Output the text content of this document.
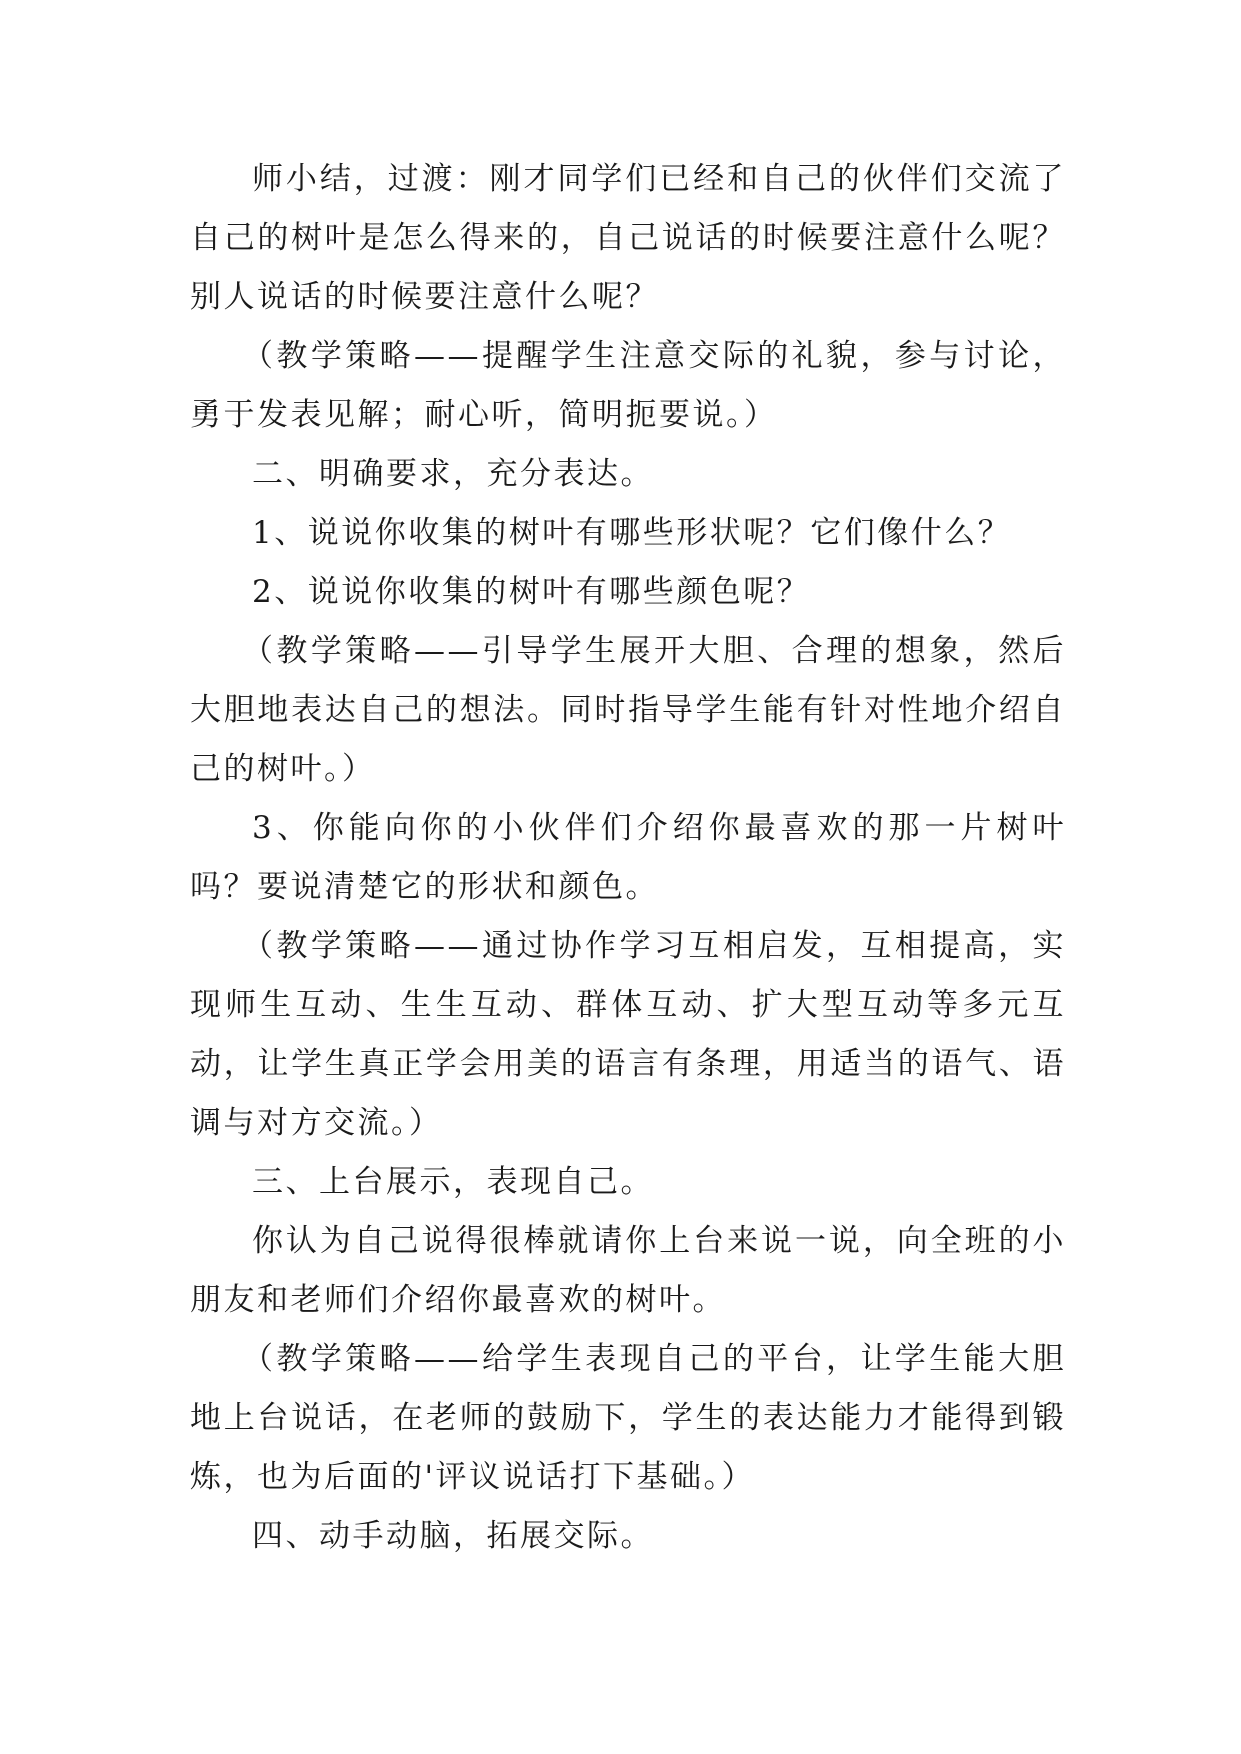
师小结，过渡：刚才同学们已经和自己的伙伴们交流了自己的树叶是怎么得来的，自己说话的时候要注意什么呢？别人说话的时候要注意什么呢？

（教学策略——提醒学生注意交际的礼貌，参与讨论，勇于发表见解；耐心听，简明扼要说。）

二、明确要求，充分表达。

1、说说你收集的树叶有哪些形状呢？它们像什么？

2、说说你收集的树叶有哪些颜色呢？

（教学策略——引导学生展开大胆、合理的想象，然后大胆地表达自己的想法。同时指导学生能有针对性地介绍自己的树叶。）

3、你能向你的小伙伴们介绍你最喜欢的那一片树叶吗？要说清楚它的形状和颜色。

（教学策略——通过协作学习互相启发，互相提高，实现师生互动、生生互动、群体互动、扩大型互动等多元互动，让学生真正学会用美的语言有条理，用适当的语气、语调与对方交流。）

三、上台展示，表现自己。

你认为自己说得很棒就请你上台来说一说，向全班的小朋友和老师们介绍你最喜欢的树叶。

（教学策略——给学生表现自己的平台，让学生能大胆地上台说话，在老师的鼓励下，学生的表达能力才能得到锻炼，也为后面的'评议说话打下基础。）

四、动手动脑，拓展交际。
